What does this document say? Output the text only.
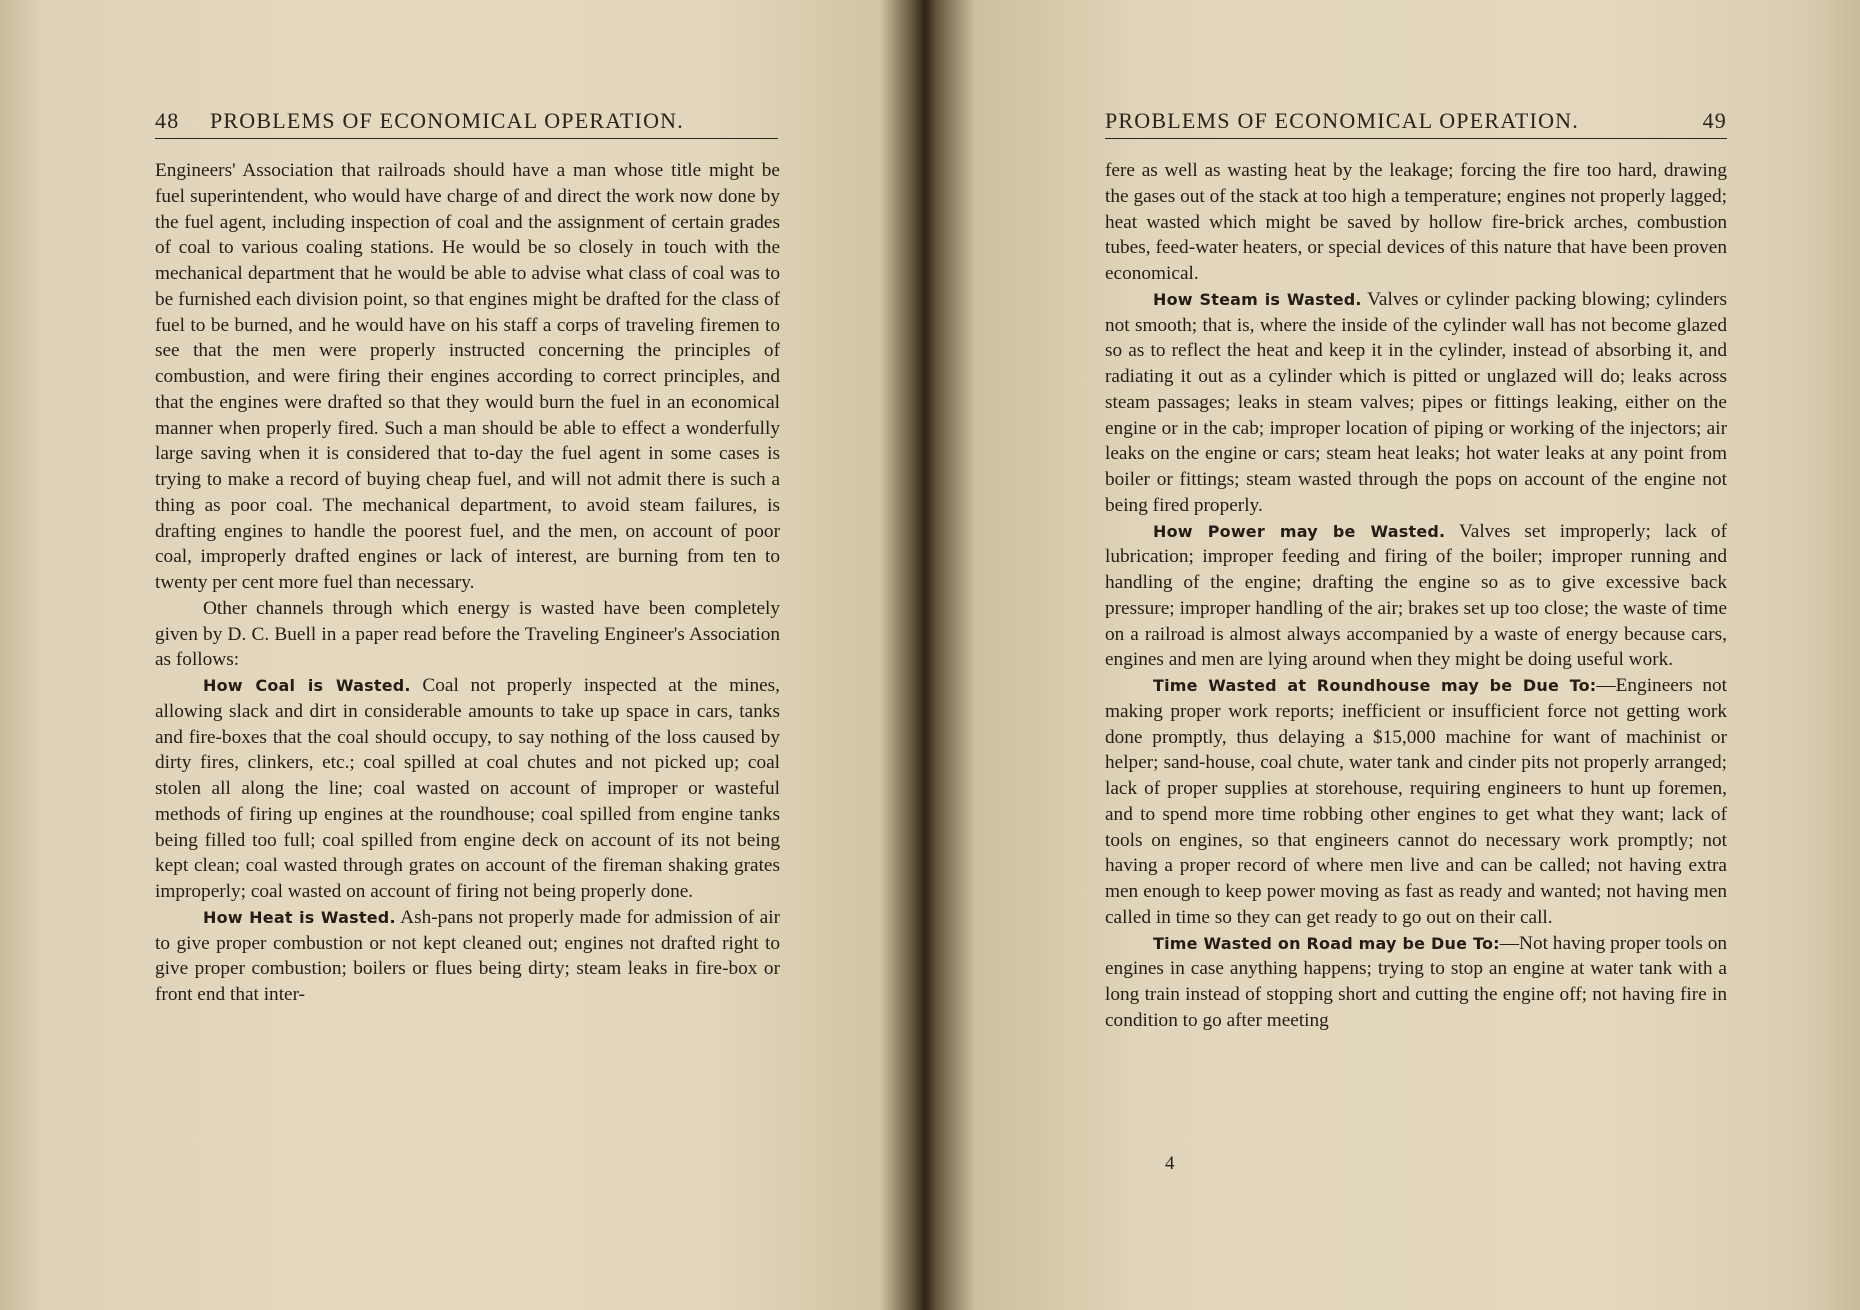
48 PROBLEMS OF ECONOMICAL OPERATION.

Engineers' Association that railroads should have a man whose title might be fuel superintendent, who would have charge of and direct the work now done by the fuel agent, including inspection of coal and the assignment of certain grades of coal to various coaling stations. He would be so closely in touch with the mechanical department that he would be able to advise what class of coal was to be furnished each division point, so that engines might be drafted for the class of fuel to be burned, and he would have on his staff a corps of traveling firemen to see that the men were properly instructed concerning the principles of combustion, and were firing their engines according to correct principles, and that the engines were drafted so that they would burn the fuel in an economical manner when properly fired. Such a man should be able to effect a wonderfully large saving when it is considered that to-day the fuel agent in some cases is trying to make a record of buying cheap fuel, and will not admit there is such a thing as poor coal. The mechanical department, to avoid steam failures, is drafting engines to handle the poorest fuel, and the men, on account of poor coal, improperly drafted engines or lack of interest, are burning from ten to twenty per cent more fuel than necessary.

Other channels through which energy is wasted have been completely given by D. C. Buell in a paper read before the Traveling Engineer's Association as follows:

How Coal is Wasted. Coal not properly inspected at the mines, allowing slack and dirt in considerable amounts to take up space in cars, tanks and fire-boxes that the coal should occupy, to say nothing of the loss caused by dirty fires, clinkers, etc.; coal spilled at coal chutes and not picked up; coal stolen all along the line; coal wasted on account of improper or wasteful methods of firing up engines at the roundhouse; coal spilled from engine tanks being filled too full; coal spilled from engine deck on account of its not being kept clean; coal wasted through grates on account of the fireman shaking grates improperly; coal wasted on account of firing not being properly done.

How Heat is Wasted. Ash-pans not properly made for admission of air to give proper combustion or not kept cleaned out; engines not drafted right to give proper combustion; boilers or flues being dirty; steam leaks in fire-box or front end that inter-

PROBLEMS OF ECONOMICAL OPERATION.	49

fere as well as wasting heat by the leakage; forcing the fire too hard, drawing the gases out of the stack at too high a temperature; engines not properly lagged; heat wasted which might be saved by hollow fire-brick arches, combustion tubes, feed-water heaters, or special devices of this nature that have been proven economical.

How Steam is Wasted. Valves or cylinder packing blowing; cylinders not smooth; that is, where the inside of the cylinder wall has not become glazed so as to reflect the heat and keep it in the cylinder, instead of absorbing it, and radiating it out as a cylinder which is pitted or unglazed will do; leaks across steam passages; leaks in steam valves; pipes or fittings leaking, either on the engine or in the cab; improper location of piping or working of the injectors; air leaks on the engine or cars; steam heat leaks; hot water leaks at any point from boiler or fittings; steam wasted through the pops on account of the engine not being fired properly.

How Power may be Wasted. Valves set improperly; lack of lubrication; improper feeding and firing of the boiler; improper running and handling of the engine; drafting the engine so as to give excessive back pressure; improper handling of the air; brakes set up too close; the waste of time on a railroad is almost always accompanied by a waste of energy because cars, engines and men are lying around when they might be doing useful work.

Time Wasted at Roundhouse may be Due To:—Engineers not making proper work reports; inefficient or insufficient force not getting work done promptly, thus delaying a $15,000 machine for want of machinist or helper; sand-house, coal chute, water tank and cinder pits not properly arranged; lack of proper supplies at storehouse, requiring engineers to hunt up foremen, and to spend more time robbing other engines to get what they want; lack of tools on engines, so that engineers cannot do necessary work promptly; not having a proper record of where men live and can be called; not having extra men enough to keep power moving as fast as ready and wanted; not having men called in time so they can get ready to go out on their call.

Time Wasted on Road may be Due To:—Not having proper tools on engines in case anything happens; trying to stop an engine at water tank with a long train instead of stopping short and cutting the engine off; not having fire in condition to go after meeting

4
